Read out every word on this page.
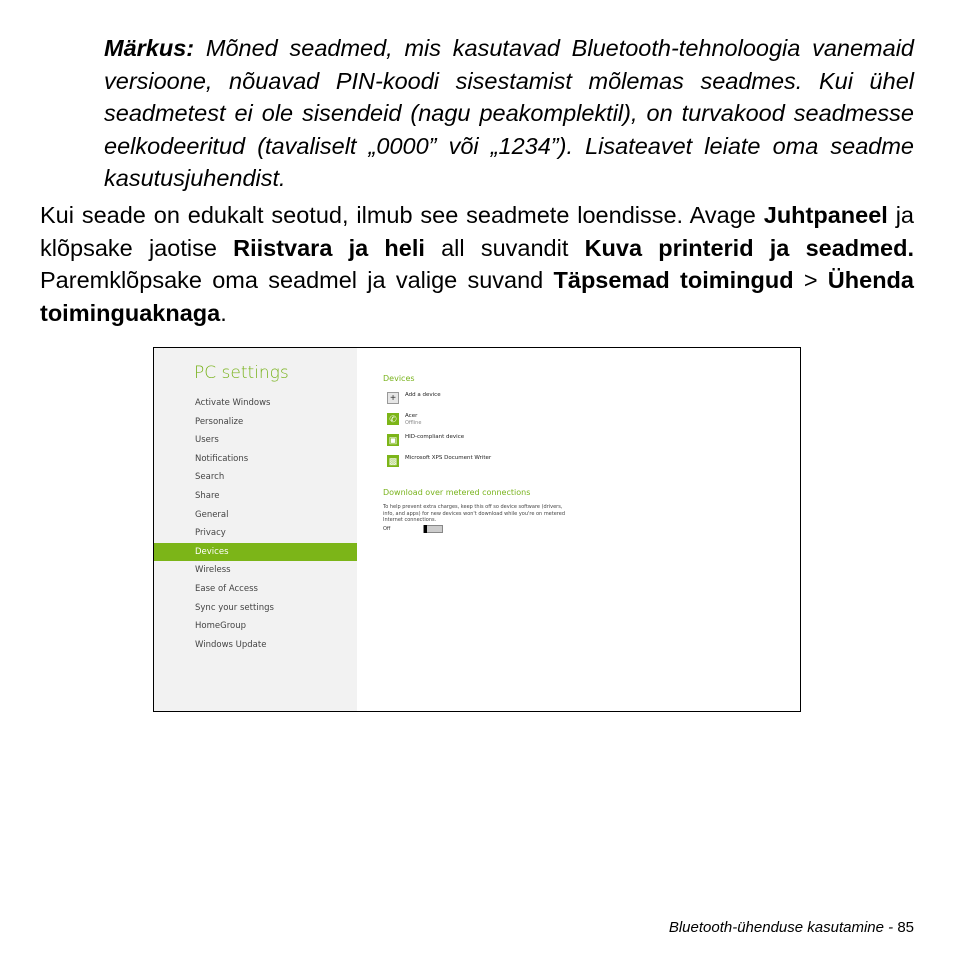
Märkus: Mõned seadmed, mis kasutavad Bluetooth-tehnoloogia vanemaid versioone, nõuavad PIN-koodi sisestamist mõlemas seadmes. Kui ühel seadmetest ei ole sisendeid (nagu peakomplektil), on turvakood seadmesse eelkodeeritud (tavaliselt „0000” või „1234”). Lisateavet leiate oma seadme kasutusjuhendist.
Kui seade on edukalt seotud, ilmub see seadmete loendisse. Avage Juhtpaneel ja klõpsake jaotise Riistvara ja heli all suvandit Kuva printerid ja seadmed. Paremklõpsake oma seadmel ja valige suvand Täpsemad toimingud > Ühenda toiminguaknaga.
PC settings
Activate Windows
Personalize
Users
Notifications
Search
Share
General
Privacy
Devices
Wireless
Ease of Access
Sync your settings
HomeGroup
Windows Update
Devices
+	Add a device
✆	Acer
Offline
▣	HID-compliant device
▩	Microsoft XPS Document Writer
Download over metered connections
To help prevent extra charges, keep this off so device software (drivers, info, and apps) for new devices won't download while you're on metered Internet connections.
Off
Bluetooth-ühenduse kasutamine - 85
